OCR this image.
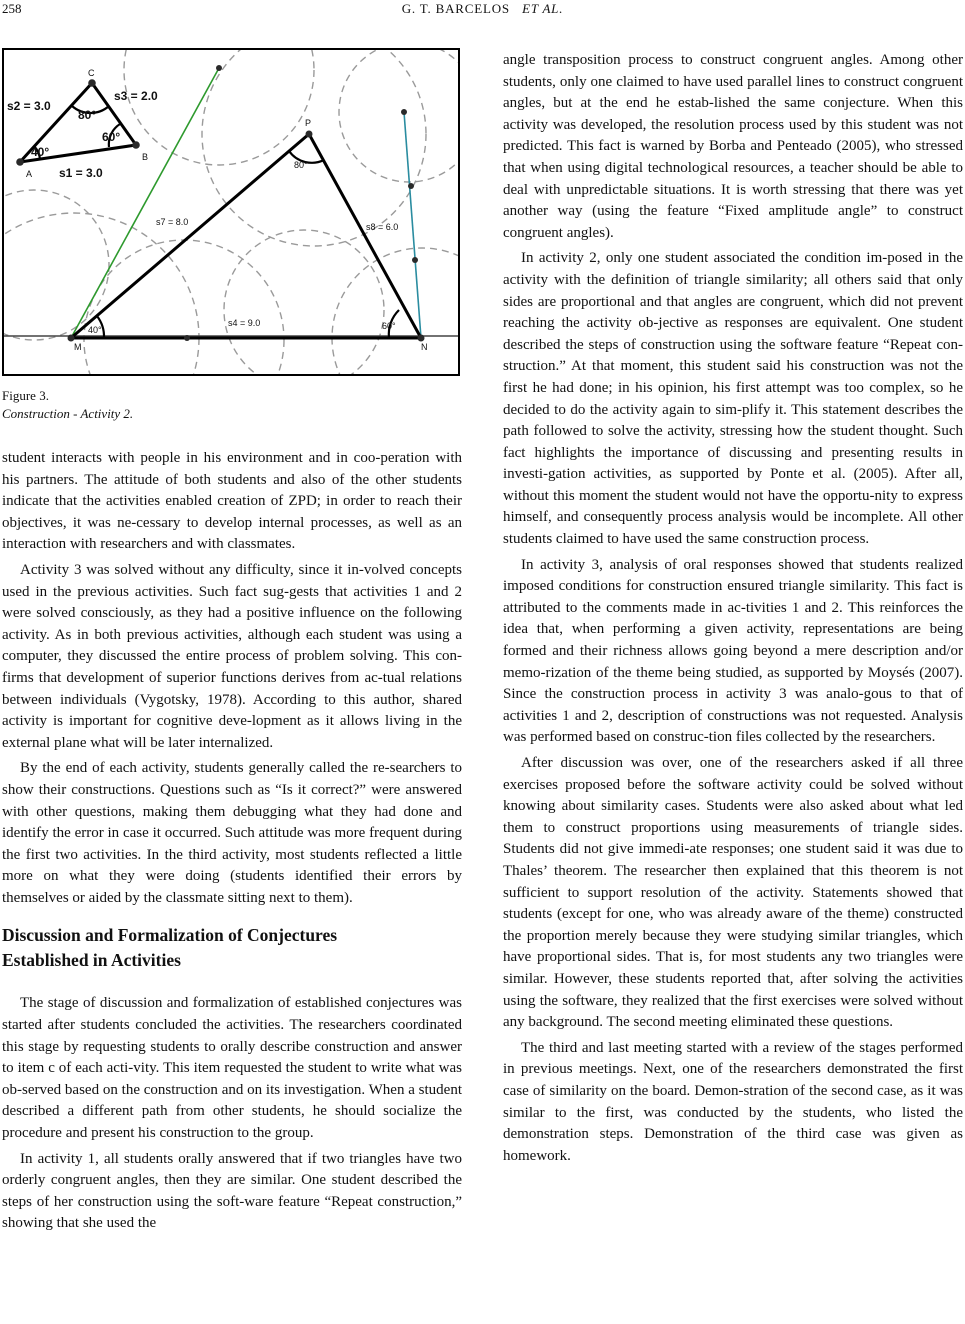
258	G. T. BARCELOS ET AL.
C
A
B
P
M	N
s2 = 3.0
s3 = 2.0
s1 = 3.0
80°
60°
40°
s7 = 8.0	s8 = 6.0
s4 = 9.0
40°
80°
60°
Figure 3.
Construction - Activity 2.

student interacts with people in his environment and in coo-peration with his partners. The attitude of both students and also of the other students indicate that the activities enabled creation of ZPD; in order to reach their objectives, it was ne-cessary to develop internal processes, as well as an interaction with researchers and with classmates.

Activity 3 was solved without any difficulty, since it in-volved concepts used in the previous activities. Such fact sug-gests that activities 1 and 2 were solved consciously, as they had a positive influence on the following activity. As in both previous activities, although each student was using a computer, they discussed the entire process of problem solving. This con-firms that development of superior functions derives from ac-tual relations between individuals (Vygotsky, 1978). According to this author, shared activity is important for cognitive deve-lopment as it allows living in the external plane what will be later internalized.

By the end of each activity, students generally called the re-searchers to show their constructions. Questions such as “Is it correct?” were answered with other questions, making them debugging what they had done and identify the error in case it occurred. Such attitude was more frequent during the first two activities. In the third activity, most students reflected a little more on what they were doing (students identified their errors by themselves or aided by the classmate sitting next to them).

Discussion and Formalization of Conjectures
Established in Activities

The stage of discussion and formalization of established conjectures was started after students concluded the activities. The researchers coordinated this stage by requesting students to orally describe construction and answer to item c of each acti-vity. This item requested the student to write what was ob-served based on the construction and on its investigation. When a student described a different path from other students, he should socialize the procedure and present his construction to the group.

In activity 1, all students orally answered that if two triangles have two orderly congruent angles, then they are similar. One student described the steps of her construction using the soft-ware feature “Repeat construction,” showing that she used the

angle transposition process to construct congruent angles. Among other students, only one claimed to have used parallel lines to construct congruent angles, but at the end he estab-lished the same conjecture. When this activity was developed, the resolution process used by this student was not predicted. This fact is warned by Borba and Penteado (2005), who stressed that when using digital technological resources, a teacher should be able to deal with unpredictable situations. It is worth stressing that there was yet another way (using the feature “Fixed amplitude angle” to construct congruent angles).

In activity 2, only one student associated the condition im-posed in the activity with the definition of triangle similarity; all others said that only sides are proportional and that angles are congruent, which did not prevent reaching the activity ob-jective as responses are equivalent. One student described the steps of construction using the software feature “Repeat con-struction.” At that moment, this student said his construction was not the first he had done; in his opinion, his first attempt was too complex, so he decided to do the activity again to sim-plify it. This statement describes the path followed to solve the activity, stressing how the student thought. Such fact highlights the importance of discussing and presenting results in investi-gation activities, as supported by Ponte et al. (2005). After all, without this moment the student would not have the opportu-nity to express himself, and consequently process analysis would be incomplete. All other students claimed to have used the same construction process.

In activity 3, analysis of oral responses showed that students realized imposed conditions for construction ensured triangle similarity. This fact is attributed to the comments made in ac-tivities 1 and 2. This reinforces the idea that, when performing a given activity, representations are being formed and their richness allows going beyond a mere description and/or memo-rization of the theme being studied, as supported by Moysés (2007). Since the construction process in activity 3 was analo-gous to that of activities 1 and 2, description of constructions was not requested. Analysis was performed based on construc-tion files collected by the researchers.

After discussion was over, one of the researchers asked if all three exercises proposed before the software activity could be solved without knowing about similarity cases. Students were also asked about what led them to construct proportions using measurements of triangle sides. Students did not give immedi-ate responses; one student said it was due to Thales’ theorem. The researcher then explained that this theorem is not sufficient to support resolution of the activity. Statements showed that students (except for one, who was already aware of the theme) constructed the proportion merely because they were studying similar triangles, which have proportional sides. That is, for most students any two triangles were similar. However, these students reported that, after solving the activities using the software, they realized that the first exercises were solved without any background. The second meeting eliminated these questions.

The third and last meeting started with a review of the stages performed in previous meetings. Next, one of the researchers demonstrated the first case of similarity on the board. Demon-stration of the second case, as it was similar to the first, was conducted by the students, who listed the demonstration steps. Demonstration of the third case was given as homework.
